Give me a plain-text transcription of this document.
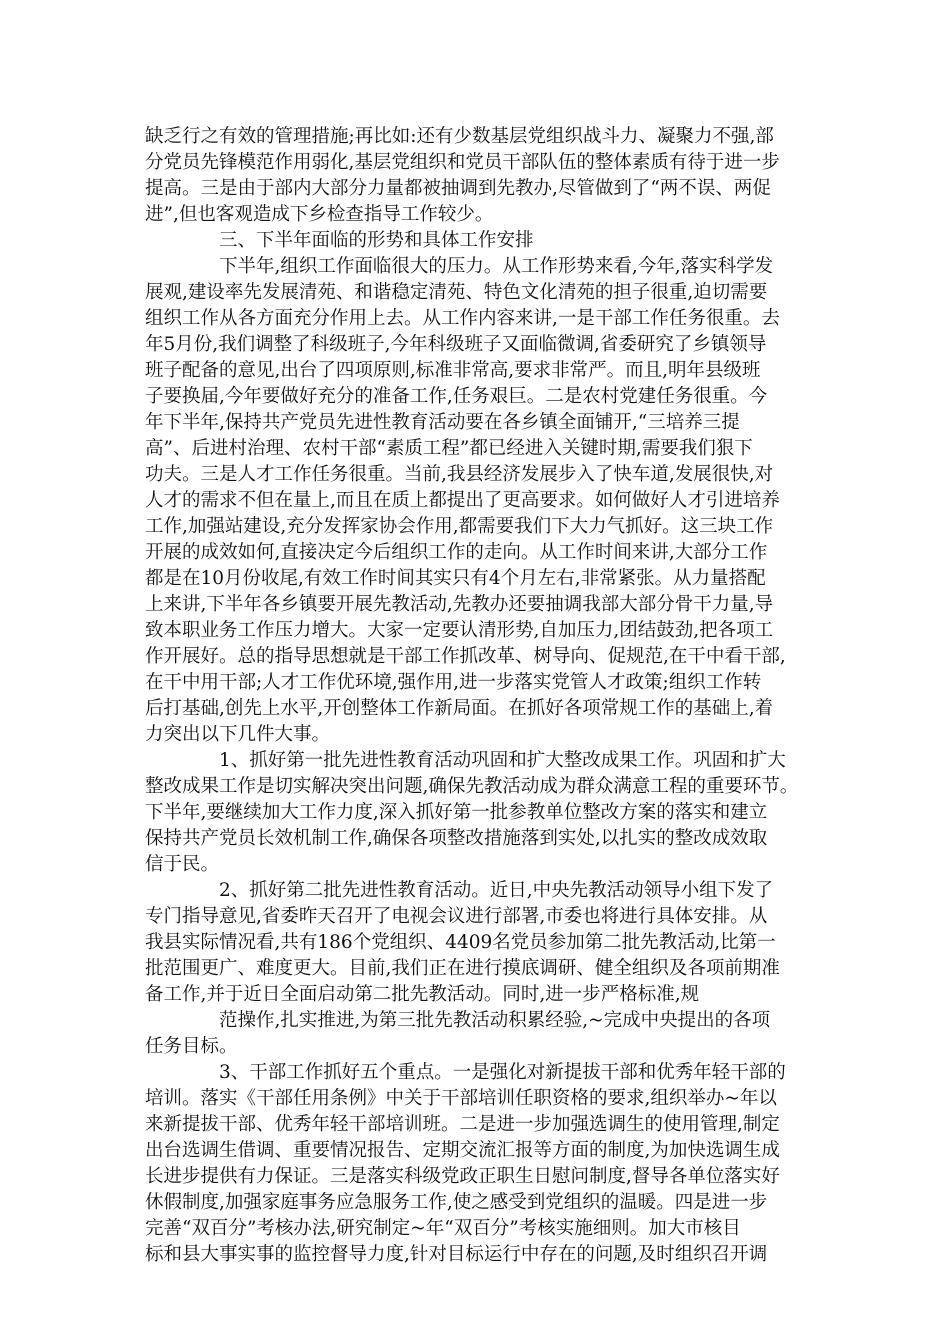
缺乏行之有效的管理措施;再比如:还有少数基层党组织战斗力、凝聚力不强,部
分党员先锋模范作用弱化,基层党组织和党员干部队伍的整体素质有待于进一步
提高。三是由于部内大部分力量都被抽调到先教办,尽管做到了“两不误、两促
进”,但也客观造成下乡检查指导工作较少。
三、下半年面临的形势和具体工作安排
下半年,组织工作面临很大的压力。从工作形势来看,今年,落实科学发
展观,建设率先发展清苑、和谐稳定清苑、特色文化清苑的担子很重,迫切需要
组织工作从各方面充分作用上去。从工作内容来讲,一是干部工作任务很重。去
年5月份,我们调整了科级班子,今年科级班子又面临微调,省委研究了乡镇领导
班子配备的意见,出台了四项原则,标准非常高,要求非常严。而且,明年县级班
子要换届,今年要做好充分的准备工作,任务艰巨。二是农村党建任务很重。今
年下半年,保持共产党员先进性教育活动要在各乡镇全面铺开,“三培养三提
高”、后进村治理、农村干部“素质工程”都已经进入关键时期,需要我们狠下
功夫。三是人才工作任务很重。当前,我县经济发展步入了快车道,发展很快,对
人才的需求不但在量上,而且在质上都提出了更高要求。如何做好人才引进培养
工作,加强站建设,充分发挥家协会作用,都需要我们下大力气抓好。这三块工作
开展的成效如何,直接决定今后组织工作的走向。从工作时间来讲,大部分工作
都是在10月份收尾,有效工作时间其实只有4个月左右,非常紧张。从力量搭配
上来讲,下半年各乡镇要开展先教活动,先教办还要抽调我部大部分骨干力量,导
致本职业务工作压力增大。大家一定要认清形势,自加压力,团结鼓劲,把各项工
作开展好。总的指导思想就是干部工作抓改革、树导向、促规范,在干中看干部,
在干中用干部;人才工作优环境,强作用,进一步落实党管人才政策;组织工作转
后打基础,创先上水平,开创整体工作新局面。在抓好各项常规工作的基础上,着
力突出以下几件大事。
1、抓好第一批先进性教育活动巩固和扩大整改成果工作。巩固和扩大
整改成果工作是切实解决突出问题,确保先教活动成为群众满意工程的重要环节。
下半年,要继续加大工作力度,深入抓好第一批参教单位整改方案的落实和建立
保持共产党员长效机制工作,确保各项整改措施落到实处,以扎实的整改成效取
信于民。
2、抓好第二批先进性教育活动。近日,中央先教活动领导小组下发了
专门指导意见,省委昨天召开了电视会议进行部署,市委也将进行具体安排。从
我县实际情况看,共有186个党组织、4409名党员参加第二批先教活动,比第一
批范围更广、难度更大。目前,我们正在进行摸底调研、健全组织及各项前期准
备工作,并于近日全面启动第二批先教活动。同时,进一步严格标准,规
范操作,扎实推进,为第三批先教活动积累经验,~完成中央提出的各项
任务目标。
3、干部工作抓好五个重点。一是强化对新提拔干部和优秀年轻干部的
培训。落实《干部任用条例》中关于干部培训任职资格的要求,组织举办~年以
来新提拔干部、优秀年轻干部培训班。二是进一步加强选调生的使用管理,制定
出台选调生借调、重要情况报告、定期交流汇报等方面的制度,为加快选调生成
长进步提供有力保证。三是落实科级党政正职生日慰问制度,督导各单位落实好
休假制度,加强家庭事务应急服务工作,使之感受到党组织的温暖。四是进一步
完善“双百分”考核办法,研究制定~年“双百分”考核实施细则。加大市核目
标和县大事实事的监控督导力度,针对目标运行中存在的问题,及时组织召开调
